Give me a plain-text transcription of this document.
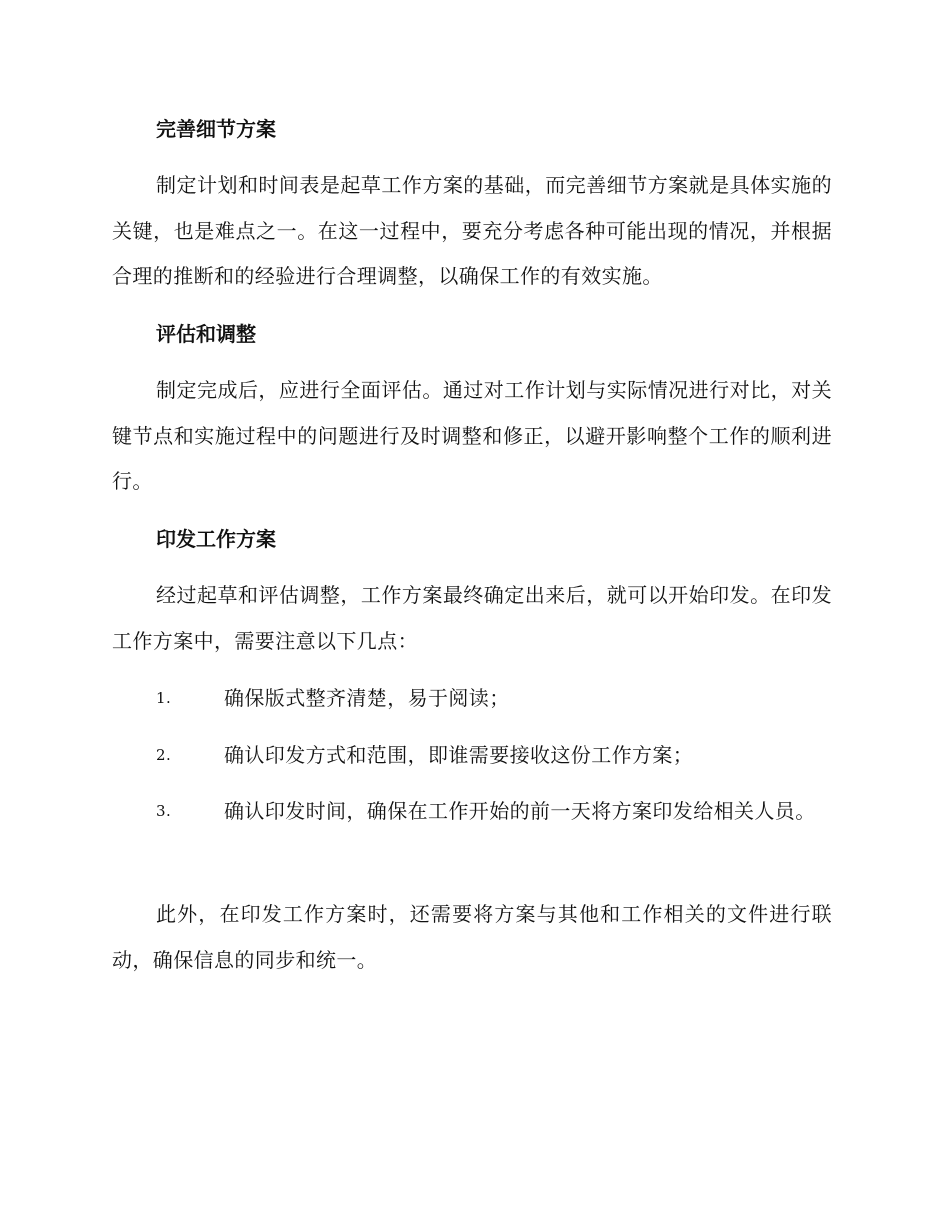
完善细节方案

制定计划和时间表是起草工作方案的基础，而完善细节方案就是具体实施的关键，也是难点之一。在这一过程中，要充分考虑各种可能出现的情况，并根据合理的推断和的经验进行合理调整，以确保工作的有效实施。

评估和调整

制定完成后，应进行全面评估。通过对工作计划与实际情况进行对比，对关键节点和实施过程中的问题进行及时调整和修正，以避开影响整个工作的顺利进行。

印发工作方案

经过起草和评估调整，工作方案最终确定出来后，就可以开始印发。在印发工作方案中，需要注意以下几点：

1.	确保版式整齐清楚，易于阅读；
2.	确认印发方式和范围，即谁需要接收这份工作方案；
3.	确认印发时间，确保在工作开始的前一天将方案印发给相关人员。

此外，在印发工作方案时，还需要将方案与其他和工作相关的文件进行联动，确保信息的同步和统一。
